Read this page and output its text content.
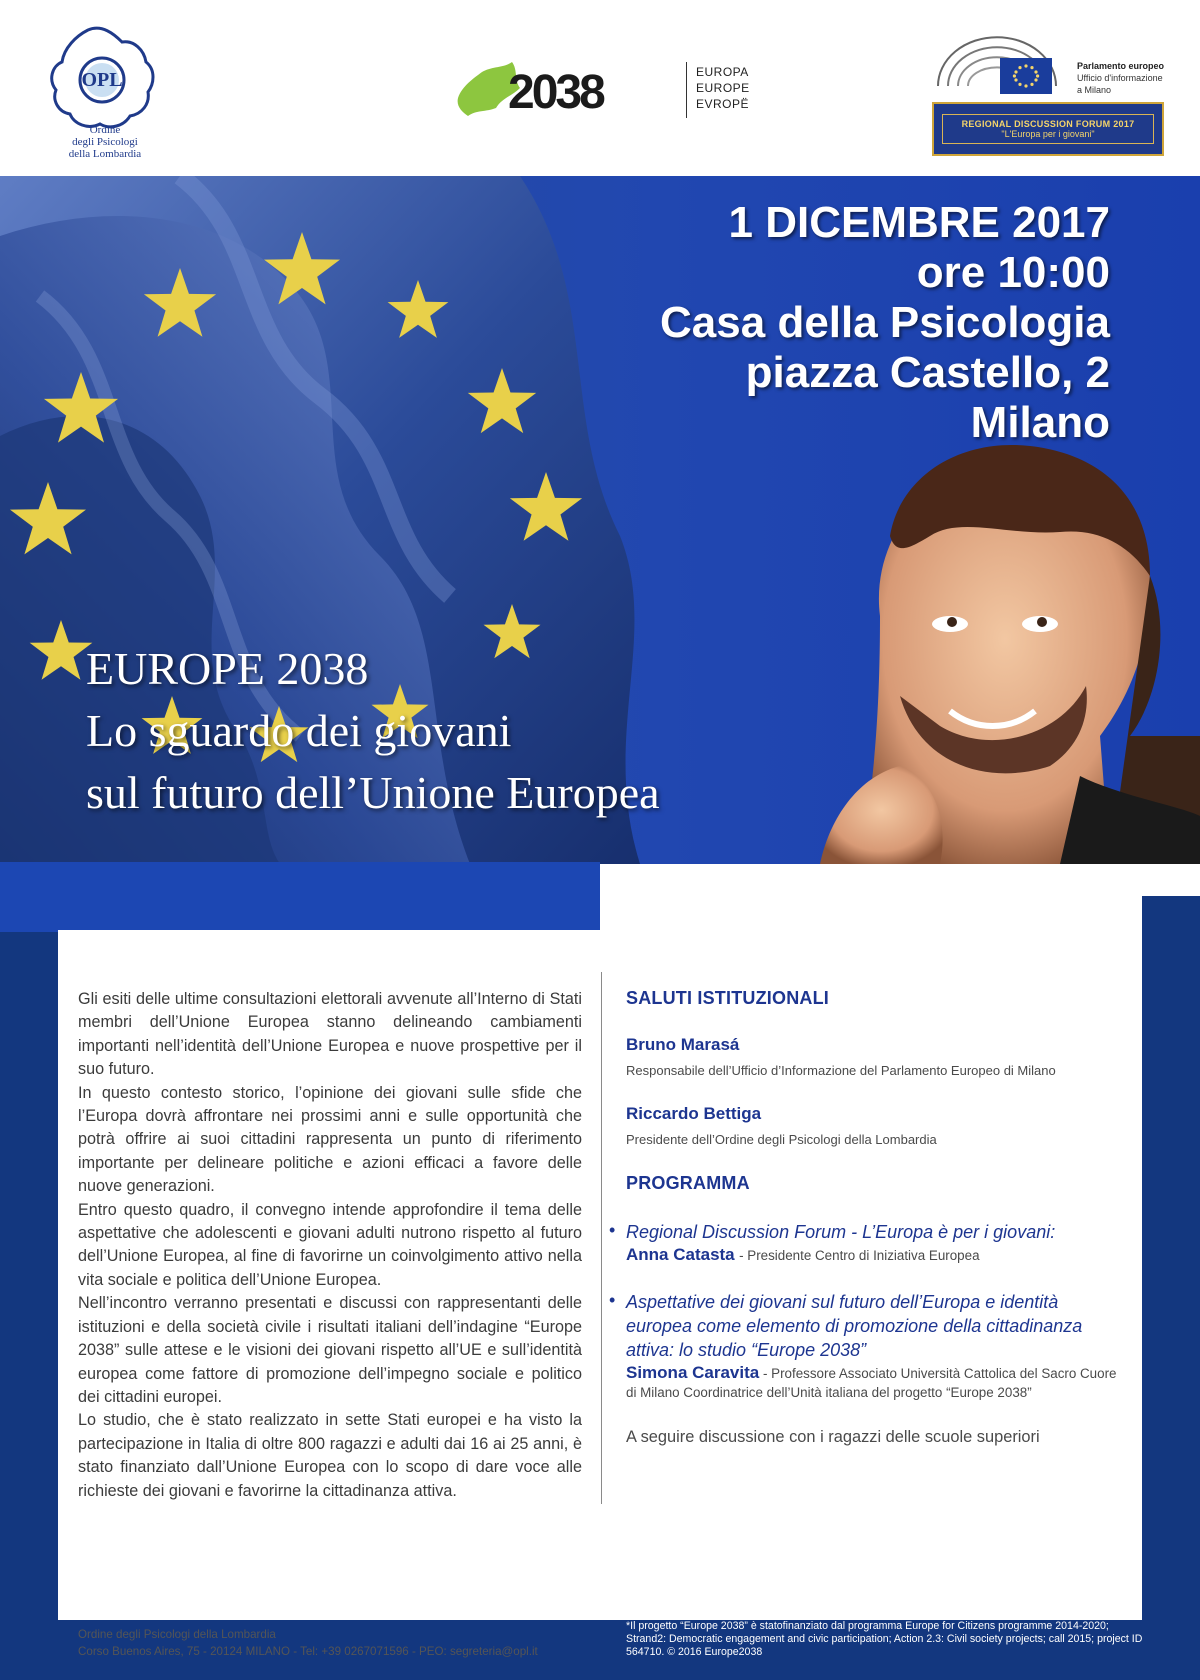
OPL
Ordine
degli Psicologi
della Lombardia
2038	EUROPA
EUROPE
EVROPË
Parlamento europeo
Ufficio d'informazione
a Milano
REGIONAL DISCUSSION FORUM 2017
"L'Europa per i giovani"
1 DICEMBRE 2017
ore 10:00
Casa della Psicologia
piazza Castello, 2
Milano
EUROPE 2038
Lo sguardo dei giovani
sul futuro dell’Unione Europea

Gli esiti delle ultime consultazioni elettorali avvenute all’Interno di Stati membri dell’Unione Europea stanno delineando cambiamenti importanti nell’identità dell’Unione Europea e nuove prospettive per il suo futuro.

In questo contesto storico, l’opinione dei giovani sulle sfide che l’Europa dovrà affrontare nei prossimi anni e sulle opportunità che potrà offrire ai suoi cittadini rappresenta un punto di riferimento importante per delineare politiche e azioni efficaci a favore delle nuove generazioni.

Entro questo quadro, il convegno intende approfondire il tema delle aspettative che adolescenti e giovani adulti nutrono rispetto al futuro dell’Unione Europea, al fine di favorirne un coinvolgimento attivo nella vita sociale e politica dell’Unione Europea.

Nell’incontro verranno presentati e discussi con rappresentanti delle istituzioni e della società civile i risultati italiani dell’indagine “Europe 2038” sulle attese e le visioni dei giovani rispetto all’UE e sull’identità europea come fattore di promozione dell’impegno sociale e politico dei cittadini europei.

Lo studio, che è stato realizzato in sette Stati europei e ha visto la partecipazione in Italia di oltre 800 ragazzi e adulti dai 16 ai 25 anni, è stato finanziato dall’Unione Europea con lo scopo di dare voce alle richieste dei giovani e favorirne la cittadinanza attiva.

SALUTI ISTITUZIONALI
Bruno Marasá
Responsabile dell’Ufficio d’Informazione del Parlamento Europeo di Milano
Riccardo Bettiga
Presidente dell’Ordine degli Psicologi della Lombardia
PROGRAMMA
• Regional Discussion Forum - L’Europa è per i giovani:
Anna Catasta - Presidente Centro di Iniziativa Europea
• Aspettative dei giovani sul futuro dell’Europa e identità europea come elemento di promozione della cittadinanza attiva: lo studio “Europe 2038”
Simona Caravita - Professore Associato Università Cattolica del Sacro Cuore di Milano Coordinatrice dell’Unità italiana del progetto “Europe 2038”
A seguire discussione con i ragazzi delle scuole superiori
Ordine degli Psicologi della Lombardia
Corso Buenos Aires, 75 - 20124 MILANO - Tel: +39 0267071596 - PEO: segreteria@opl.it
*Il progetto “Europe 2038” è statofinanziato dal programma Europe for Citizens programme 2014-2020; Strand2: Democratic engagement and civic participation; Action 2.3: Civil society projects; call 2015; project ID 564710. © 2016 Europe2038
